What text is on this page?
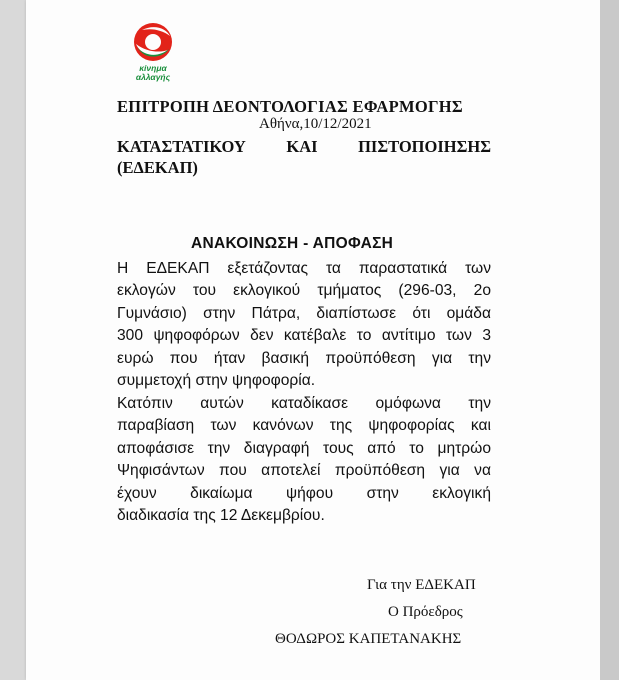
κίνημα
αλλαγής
ΕΠΙΤΡΟΠΗ ΔΕΟΝΤΟΛΟΓΙΑΣ ΕΦΑΡΜΟΓΗΣ
Αθήνα,10/12/2021
ΚΑΤΑΣΤΑΤΙΚΟΥ ΚΑΙ ΠΙΣΤΟΠΟΙΗΣΗΣ
(ΕΔΕΚΑΠ)
ΑΝΑΚΟΙΝΩΣΗ - ΑΠΟΦΑΣΗ
Η ΕΔΕΚΑΠ εξετάζοντας τα παραστατικά των
εκλογών του εκλογικού τμήματος (296-03, 2ο
Γυμνάσιο) στην Πάτρα, διαπίστωσε ότι ομάδα
300 ψηφοφόρων δεν κατέβαλε το αντίτιμο των 3
ευρώ που ήταν βασική προϋπόθεση για την
συμμετοχή στην ψηφοφορία.
Κατόπιν αυτών καταδίκασε ομόφωνα την
παραβίαση των κανόνων της ψηφοφορίας και
αποφάσισε την διαγραφή τους από το μητρώο
Ψηφισάντων που αποτελεί προϋπόθεση για να
έχουν δικαίωμα ψήφου στην εκλογική
διαδικασία της 12 Δεκεμβρίου.
Για την ΕΔΕΚΑΠ
Ο Πρόεδρος
ΘΟΔΩΡΟΣ ΚΑΠΕΤΑΝΑΚΗΣ
